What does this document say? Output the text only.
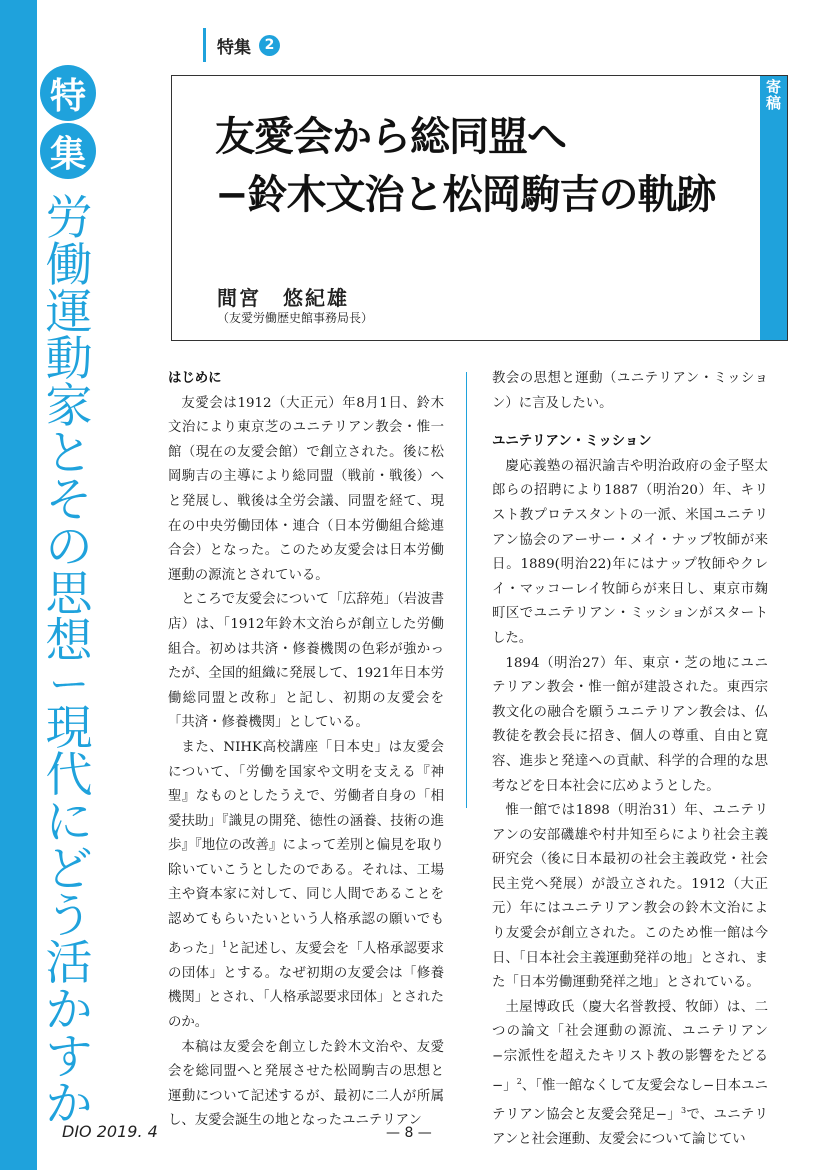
特
集
労
働
運
動
家
と
そ
の
思
想
ー
現
代
に
ど
う
活
か
す
か
特集 2
友愛会から総同盟へ
−鈴木文治と松岡駒吉の軌跡
間宮　悠紀雄
（友愛労働歴史館事務局長）
寄
稿
はじめに

友愛会は1912（大正元）年8月1日、鈴木文治により東京芝のユニテリアン教会・惟一館（現在の友愛会館）で創立された。後に松岡駒吉の主導により総同盟（戦前・戦後）へと発展し、戦後は全労会議、同盟を経て、現在の中央労働団体・連合（日本労働組合総連合会）となった。このため友愛会は日本労働運動の源流とされている。

ところで友愛会について「広辞苑」（岩波書店）は、「1912年鈴木文治らが創立した労働組合。初めは共済・修養機関の色彩が強かったが、全国的組織に発展して、1921年日本労働総同盟と改称」と記し、初期の友愛会を「共済・修養機関」としている。

また、NIHK高校講座「日本史」は友愛会について、｢労働を国家や文明を支える『神聖』なものとしたうえで、労働者自身の「相愛扶助」『識見の開発、徳性の涵養、技術の進歩』『地位の改善』によって差別と偏見を取り除いていこうとしたのである。それは、工場主や資本家に対して、同じ人間であることを認めてもらいたいという人格承認の願いでもあった」$^1$と記述し、友愛会を「人格承認要求の団体」とする。なぜ初期の友愛会は「修養機関」とされ、「人格承認要求団体」とされたのか。

本稿は友愛会を創立した鈴木文治や、友愛会を総同盟へと発展させた松岡駒吉の思想と運動について記述するが、最初に二人が所属し、友愛会誕生の地となったユニテリアン

教会の思想と運動（ユニテリアン・ミッション）に言及したい。

ユニテリアン・ミッション

慶応義塾の福沢諭吉や明治政府の金子堅太郎らの招聘により1887（明治20）年、キリスト教プロテスタントの一派、米国ユニテリアン協会のアーサー・メイ・ナップ牧師が来日。1889(明治22)年にはナップ牧師やクレイ・マッコーレイ牧師らが来日し、東京市麹町区でユニテリアン・ミッションがスタートした。

1894（明治27）年、東京・芝の地にユニテリアン教会・惟一館が建設された。東西宗教文化の融合を願うユニテリアン教会は、仏教徒を教会長に招き、個人の尊重、自由と寛容、進歩と発達への貢献、科学的合理的な思考などを日本社会に広めようとした。

惟一館では1898（明治31）年、ユニテリアンの安部磯雄や村井知至らにより社会主義研究会（後に日本最初の社会主義政党・社会民主党へ発展）が設立された。1912（大正元）年にはユニテリアン教会の鈴木文治により友愛会が創立された。このため惟一館は今日、「日本社会主義運動発祥の地」とされ、また「日本労働運動発祥之地」とされている。

土屋博政氏（慶大名誉教授、牧師）は、二つの論文「社会運動の源流、ユニテリアン−宗派性を超えたキリスト教の影響をたどる−」$^2$、「惟一館なくして友愛会なし−日本ユニテリアン協会と友愛会発足−」$^3$で、ユニテリアンと社会運動、友愛会について論じてい

DIO 2019. 4	— 8 —
